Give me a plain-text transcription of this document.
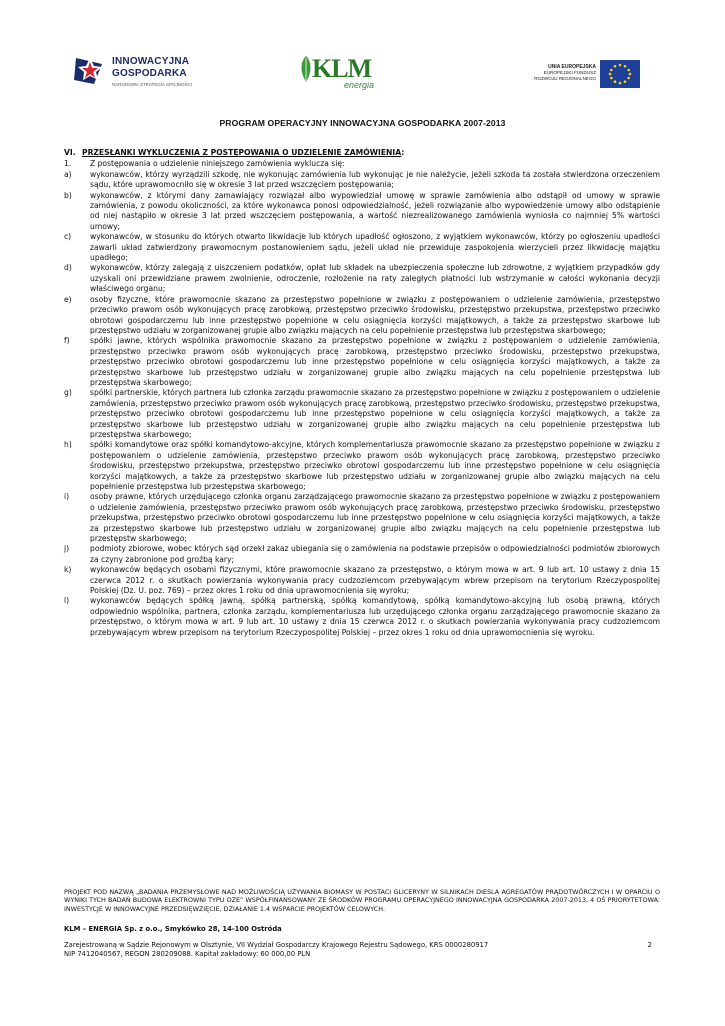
INNOWACYJNA
GOSPODARKA
NARODOWA STRATEGIA SPÓJNOŚCI
KLM
energia
UNIA EUROPEJSKA
EUROPEJSKI FUNDUSZ
ROZWOJU REGIONALNEGO
PROGRAM OPERACYJNY INNOWACYJNA GOSPODARKA 2007-2013
VI. PRZESŁANKI WYKLUCZENIA Z POSTĘPOWANIA O UDZIELENIE ZAMÓWIENIA:
1.	Z postępowania o udzielenie niniejszego zamówienia wyklucza się:
a)	wykonawców, którzy wyrządzili szkodę, nie wykonując zamówienia lub wykonując je nie należycie, jeżeli szkoda ta została stwierdzona orzeczeniem sądu, które uprawomocniło się w okresie 3 lat przed wszczęciem postępowania;
b)	wykonawców, z którymi dany zamawiający rozwiązał albo wypowiedział umowę w sprawie zamówienia albo odstąpił od umowy w sprawie zamówienia, z powodu okoliczności, za które wykonawca ponosi odpowiedzialność, jeżeli rozwiązanie albo wypowiedzenie umowy albo odstąpienie od niej nastąpiło w okresie 3 lat przed wszczęciem postępowania, a wartość niezrealizowanego zamówienia wyniosła co najmniej 5% wartości umowy;
c)	wykonawców, w stosunku do których otwarto likwidacje lub których upadłość ogłoszono, z wyjątkiem wykonawców, którzy po ogłoszeniu upadłości zawarli układ zatwierdzony prawomocnym postanowieniem sądu, jeżeli układ nie przewiduje zaspokojenia wierzycieli przez likwidację majątku upadłego;
d)	wykonawców, którzy zalegają z uiszczeniem podatków, opłat lub składek na ubezpieczenia społeczne lub zdrowotne, z wyjątkiem przypadków gdy uzyskali oni przewidziane prawem zwolnienie, odroczenie, rozłożenie na raty zaległych płatności lub wstrzymanie w całości wykonania decyzji właściwego organu;
e)	osoby fizyczne, które prawomocnie skazano za przestępstwo popełnione w związku z postępowaniem o udzielenie zamówienia, przestępstwo przeciwko prawom osób wykonujących pracę zarobkową, przestępstwo przeciwko środowisku, przestępstwo przekupstwa, przestępstwo przeciwko obrotowi gospodarczemu lub inne przestępstwo popełnione w celu osiągnięcia korzyści majątkowych, a także za przestępstwo skarbowe lub przestępstwo udziału w zorganizowanej grupie albo związku mających na celu popełnienie przestępstwa lub przestępstwa skarbowego;
f)	spółki jawne, których wspólnika prawomocnie skazano za przestępstwo popełnione w związku z postępowaniem o udzielenie zamówienia, przestępstwo przeciwko prawom osób wykonujących pracę zarobkową, przestępstwo przeciwko środowisku, przestępstwo przekupstwa, przestępstwo przeciwko obrotowi gospodarczemu lub inne przestępstwo popełnione w celu osiągnięcia korzyści majątkowych, a także za przestępstwo skarbowe lub przestępstwo udziału w zorganizowanej grupie albo związku mających na celu popełnienie przestępstwa lub przestępstwa skarbowego;
g)	spółki partnerskie, których partnera lub członka zarządu prawomocnie skazano za przestępstwo popełnione w związku z postępowaniem o udzielenie zamówienia, przestępstwo przeciwko prawom osób wykonujących pracę zarobkową, przestępstwo przeciwko środowisku, przestępstwo przekupstwa, przestępstwo przeciwko obrotowi gospodarczemu lub inne przestępstwo popełnione w celu osiągnięcia korzyści majątkowych, a także za przestępstwo skarbowe lub przestępstwo udziału w zorganizowanej grupie albo związku mających na celu popełnienie przestępstwa lub przestępstwa skarbowego;
h)	spółki komandytowe oraz spółki komandytowo-akcyjne, których komplementariusza prawomocnie skazano za przestępstwo popełnione w związku z postępowaniem o udzielenie zamówienia, przestępstwo przeciwko prawom osób wykonujących pracę zarobkową, przestępstwo przeciwko środowisku, przestępstwo przekupstwa, przestępstwo przeciwko obrotowi gospodarczemu lub inne przestępstwo popełnione w celu osiągnięcia korzyści majątkowych, a także za przestępstwo skarbowe lub przestępstwo udziału w zorganizowanej grupie albo związku mających na celu popełnienie przestępstwa lub przestępstwa skarbowego;
i)	osoby prawne, których urzędującego członka organu zarządzającego prawomocnie skazano za przestępstwo popełnione w związku z postępowaniem o udzielenie zamówienia, przestępstwo przeciwko prawom osób wykonujących pracę zarobkową, przestępstwo przeciwko środowisku, przestępstwo przekupstwa, przestępstwo przeciwko obrotowi gospodarczemu lub inne przestępstwo popełnione w celu osiągnięcia korzyści majątkowych, a także za przestępstwo skarbowe lub przestępstwo udziału w zorganizowanej grupie albo związku mających na celu popełnienie przestępstwa lub przestępstw skarbowego;
j)	podmioty zbiorowe, wobec których sąd orzekł zakaz ubiegania się o zamówienia na podstawie przepisów o odpowiedzialności podmiotów zbiorowych za czyny zabronione pod groźbą kary;
k)	wykonawców będących osobami fizycznymi, które prawomocnie skazano za przestępstwo, o którym mowa w art. 9 lub art. 10 ustawy z dnia 15 czerwca 2012 r. o skutkach powierzania wykonywania pracy cudzoziemcom przebywającym wbrew przepisom na terytorium Rzeczypospolitej Polskiej (Dz. U. poz. 769) – przez okres 1 roku od dnia uprawomocnienia się wyroku;
l)	wykonawców będących spółką jawną, spółką partnerską, spółką komandytową, spółką komandytowo-akcyjną lub osobą prawną, których odpowiednio wspólnika, partnera, członka zarządu, komplementariusza lub urzędującego członka organu zarządzającego prawomocnie skazano za przestępstwo, o którym mowa w art. 9 lub art. 10 ustawy z dnia 15 czerwca 2012 r. o skutkach powierzania wykonywania pracy cudzoziemcom przebywającym wbrew przepisom na terytorium Rzeczypospolitej Polskiej – przez okres 1 roku od dnia uprawomocnienia się wyroku.
PROJEKT POD NAZWĄ „BADANIA PRZEMYSŁOWE NAD MOŻLIWOŚCIĄ UŻYWANIA BIOMASY W POSTACI GLICERYNY W SILNIKACH DIESLA AGREGATÓW PRĄDOTWÓRCZYCH I W OPARCIU O WYNIKI TYCH BADAŃ BUDOWA ELEKTROWNI TYPU OZE” WSPÓŁFINANSOWANY ZE ŚRODKÓW PROGRAMU OPERACYJNEGO INNOWACYJNA GOSPODARKA 2007-2013, 4 OŚ PRIORYTETOWA: INWESTYCJE W INNOWACYJNE PRZEDSIĘWZIĘCIE, DZIAŁANIE 1.4 WSPARCIE PROJEKTÓW CELOWYCH.
KLM – ENERGIA Sp. z o.o., Smykówko 28, 14-100 Ostróda
Zarejestrowaną w Sądzie Rejonowym w Olsztynie, VII Wydział Gospodarczy Krajowego Rejestru Sądowego, KRS 0000280917
NIP 7412040567, REGON 280209088. Kapitał zakładowy: 60 000,00 PLN
2
